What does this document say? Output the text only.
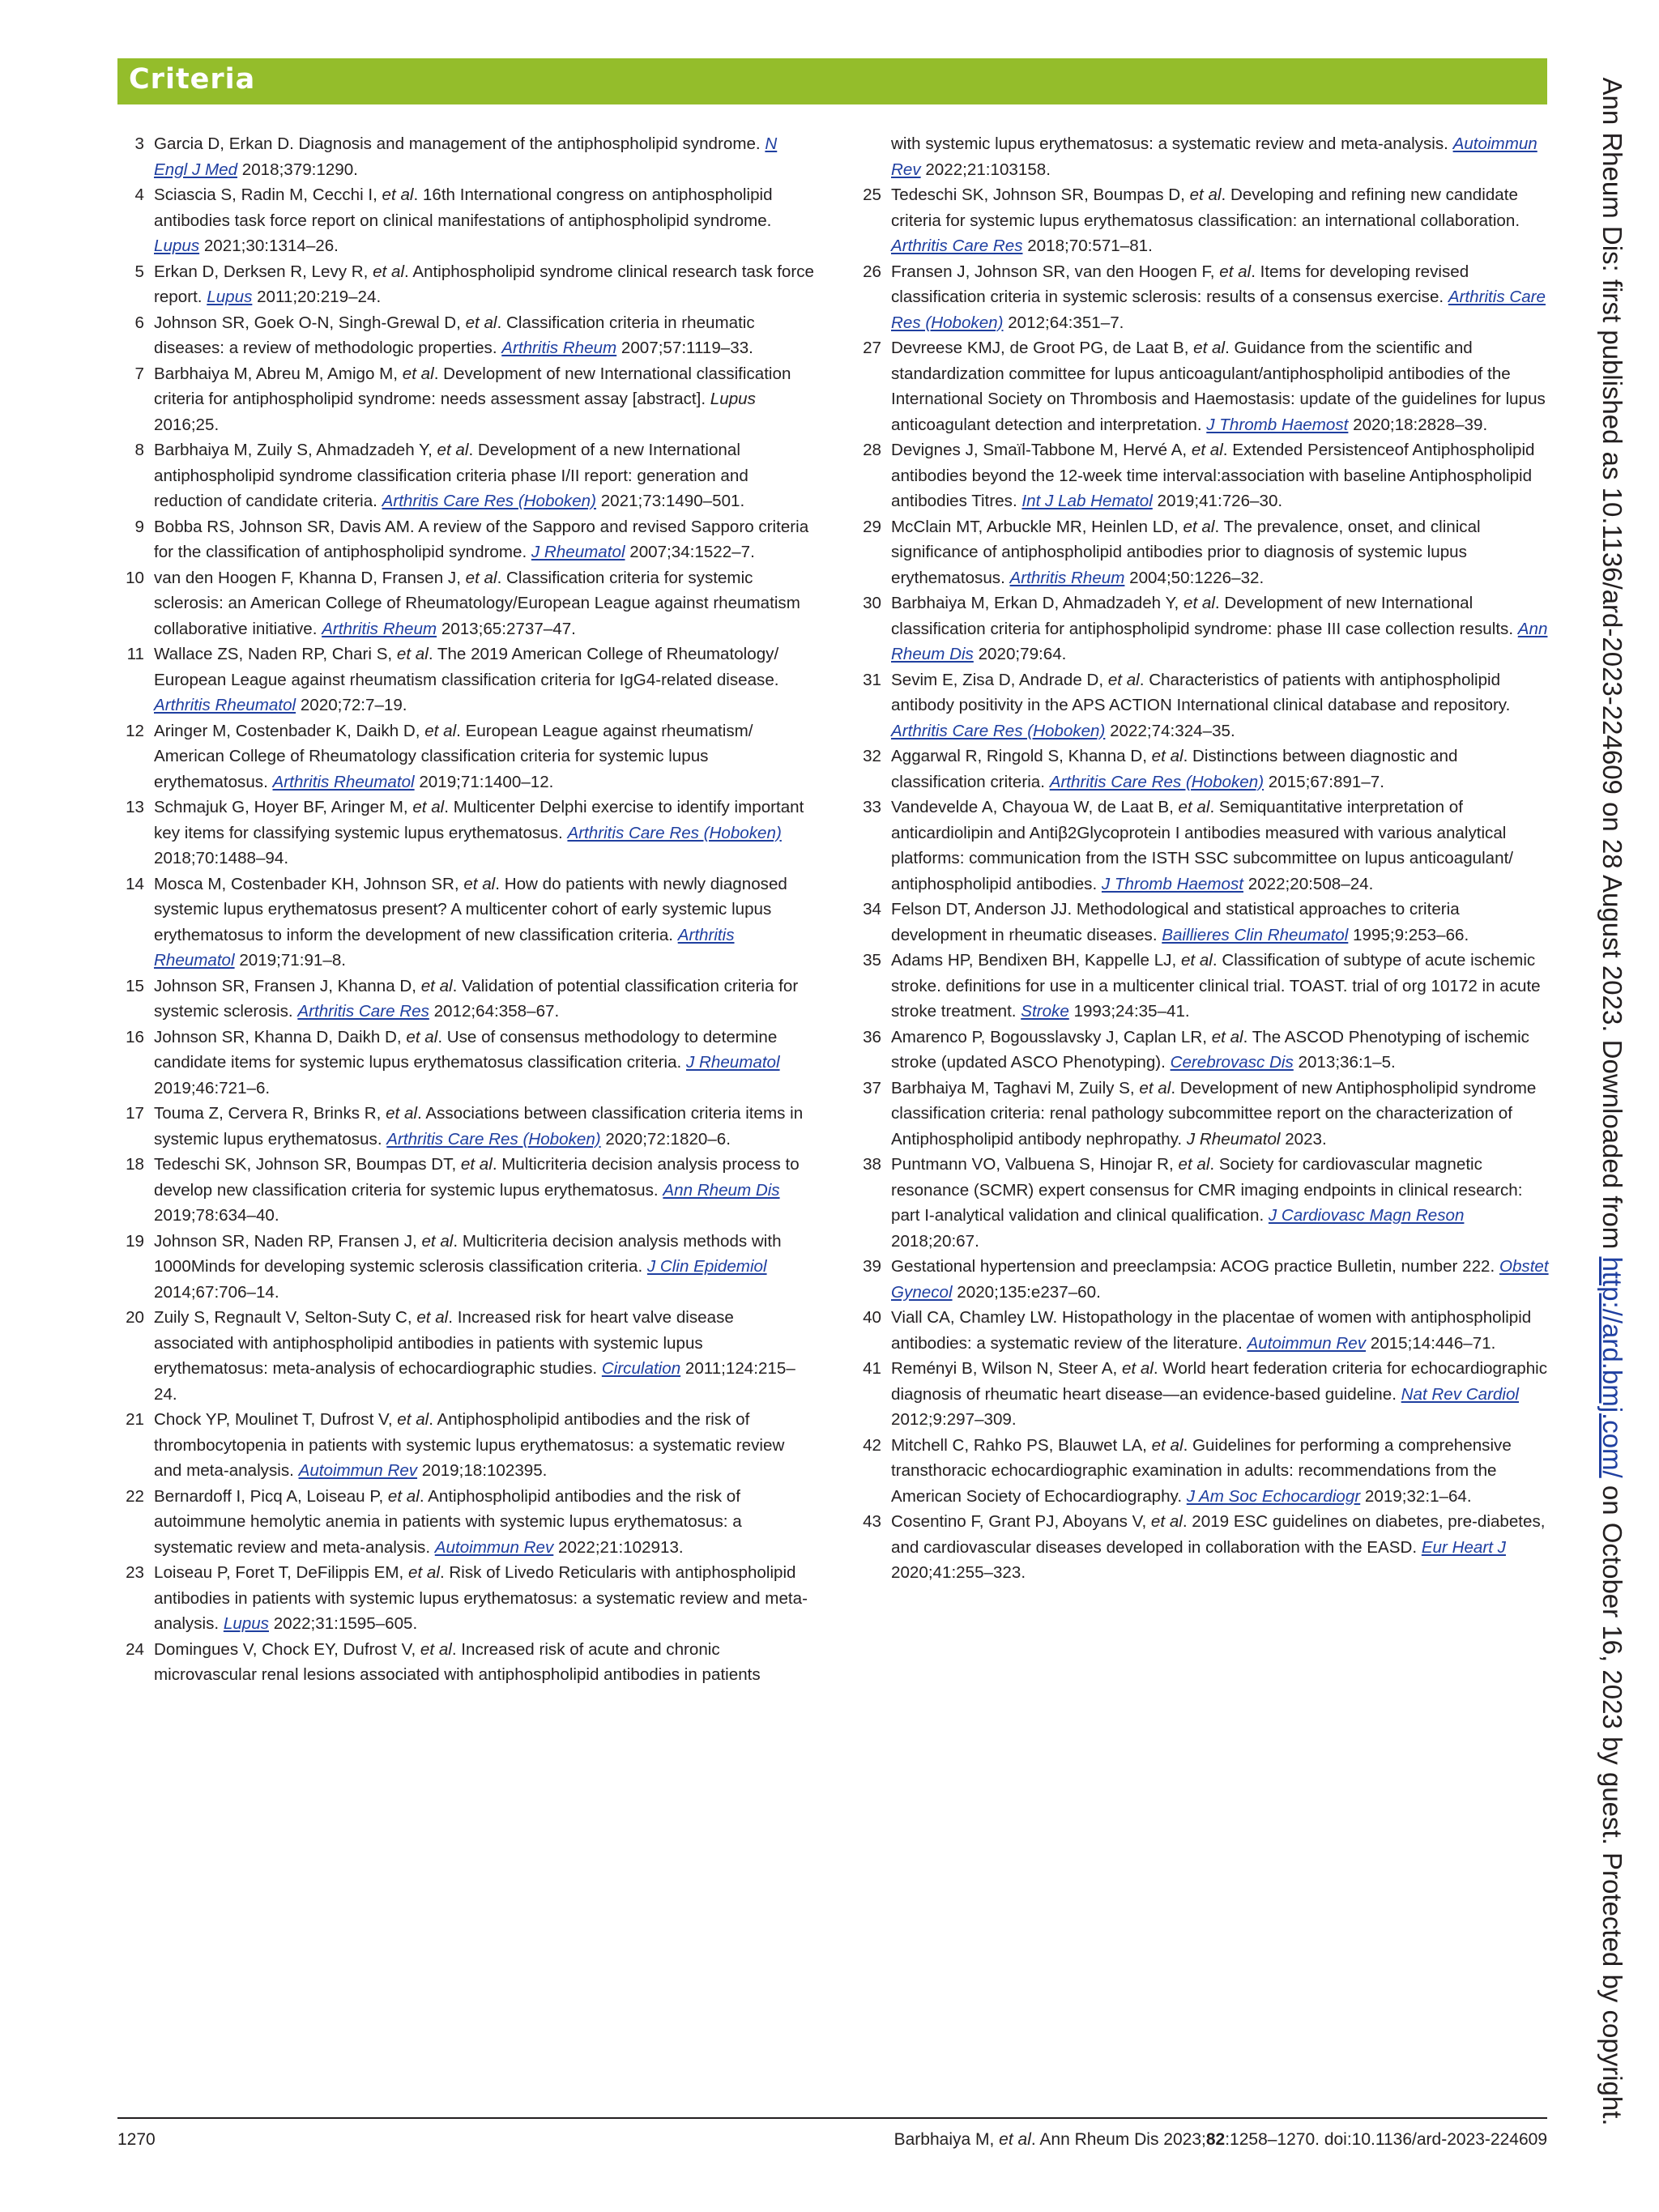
Criteria
3 Garcia D, Erkan D. Diagnosis and management of the antiphospholipid syndrome. N Engl J Med 2018;379:1290.
4 Sciascia S, Radin M, Cecchi I, et al. 16th International congress on antiphospholipid antibodies task force report on clinical manifestations of antiphospholipid syndrome. Lupus 2021;30:1314–26.
5 Erkan D, Derksen R, Levy R, et al. Antiphospholipid syndrome clinical research task force report. Lupus 2011;20:219–24.
6 Johnson SR, Goek O-N, Singh-Grewal D, et al. Classification criteria in rheumatic diseases: a review of methodologic properties. Arthritis Rheum 2007;57:1119–33.
7 Barbhaiya M, Abreu M, Amigo M, et al. Development of new International classification criteria for antiphospholipid syndrome: needs assessment assay [abstract]. Lupus 2016;25.
8 Barbhaiya M, Zuily S, Ahmadzadeh Y, et al. Development of a new International antiphospholipid syndrome classification criteria phase I/II report: generation and reduction of candidate criteria. Arthritis Care Res (Hoboken) 2021;73:1490–501.
9 Bobba RS, Johnson SR, Davis AM. A review of the Sapporo and revised Sapporo criteria for the classification of antiphospholipid syndrome. J Rheumatol 2007;34:1522–7.
10 van den Hoogen F, Khanna D, Fransen J, et al. Classification criteria for systemic sclerosis: an American College of Rheumatology/European League against rheumatism collaborative initiative. Arthritis Rheum 2013;65:2737–47.
11 Wallace ZS, Naden RP, Chari S, et al. The 2019 American College of Rheumatology/ European League against rheumatism classification criteria for IgG4-related disease. Arthritis Rheumatol 2020;72:7–19.
12 Aringer M, Costenbader K, Daikh D, et al. European League against rheumatism/ American College of Rheumatology classification criteria for systemic lupus erythematosus. Arthritis Rheumatol 2019;71:1400–12.
13 Schmajuk G, Hoyer BF, Aringer M, et al. Multicenter Delphi exercise to identify important key items for classifying systemic lupus erythematosus. Arthritis Care Res (Hoboken) 2018;70:1488–94.
14 Mosca M, Costenbader KH, Johnson SR, et al. How do patients with newly diagnosed systemic lupus erythematosus present? A multicenter cohort of early systemic lupus erythematosus to inform the development of new classification criteria. Arthritis Rheumatol 2019;71:91–8.
15 Johnson SR, Fransen J, Khanna D, et al. Validation of potential classification criteria for systemic sclerosis. Arthritis Care Res 2012;64:358–67.
16 Johnson SR, Khanna D, Daikh D, et al. Use of consensus methodology to determine candidate items for systemic lupus erythematosus classification criteria. J Rheumatol 2019;46:721–6.
17 Touma Z, Cervera R, Brinks R, et al. Associations between classification criteria items in systemic lupus erythematosus. Arthritis Care Res (Hoboken) 2020;72:1820–6.
18 Tedeschi SK, Johnson SR, Boumpas DT, et al. Multicriteria decision analysis process to develop new classification criteria for systemic lupus erythematosus. Ann Rheum Dis 2019;78:634–40.
19 Johnson SR, Naden RP, Fransen J, et al. Multicriteria decision analysis methods with 1000Minds for developing systemic sclerosis classification criteria. J Clin Epidemiol 2014;67:706–14.
20 Zuily S, Regnault V, Selton-Suty C, et al. Increased risk for heart valve disease associated with antiphospholipid antibodies in patients with systemic lupus erythematosus: meta-analysis of echocardiographic studies. Circulation 2011;124:215–24.
21 Chock YP, Moulinet T, Dufrost V, et al. Antiphospholipid antibodies and the risk of thrombocytopenia in patients with systemic lupus erythematosus: a systematic review and meta-analysis. Autoimmun Rev 2019;18:102395.
22 Bernardoff I, Picq A, Loiseau P, et al. Antiphospholipid antibodies and the risk of autoimmune hemolytic anemia in patients with systemic lupus erythematosus: a systematic review and meta-analysis. Autoimmun Rev 2022;21:102913.
23 Loiseau P, Foret T, DeFilippis EM, et al. Risk of Livedo Reticularis with antiphospholipid antibodies in patients with systemic lupus erythematosus: a systematic review and meta-analysis. Lupus 2022;31:1595–605.
24 Domingues V, Chock EY, Dufrost V, et al. Increased risk of acute and chronic microvascular renal lesions associated with antiphospholipid antibodies in patients
with systemic lupus erythematosus: a systematic review and meta-analysis. Autoimmun Rev 2022;21:103158.
25 Tedeschi SK, Johnson SR, Boumpas D, et al. Developing and refining new candidate criteria for systemic lupus erythematosus classification: an international collaboration. Arthritis Care Res 2018;70:571–81.
26 Fransen J, Johnson SR, van den Hoogen F, et al. Items for developing revised classification criteria in systemic sclerosis: results of a consensus exercise. Arthritis Care Res (Hoboken) 2012;64:351–7.
27 Devreese KMJ, de Groot PG, de Laat B, et al. Guidance from the scientific and standardization committee for lupus anticoagulant/antiphospholipid antibodies of the International Society on Thrombosis and Haemostasis: update of the guidelines for lupus anticoagulant detection and interpretation. J Thromb Haemost 2020;18:2828–39.
28 Devignes J, Smaïl-Tabbone M, Hervé A, et al. Extended Persistenceof Antiphospholipid antibodies beyond the 12-week time interval:association with baseline Antiphospholipid antibodies Titres. Int J Lab Hematol 2019;41:726–30.
29 McClain MT, Arbuckle MR, Heinlen LD, et al. The prevalence, onset, and clinical significance of antiphospholipid antibodies prior to diagnosis of systemic lupus erythematosus. Arthritis Rheum 2004;50:1226–32.
30 Barbhaiya M, Erkan D, Ahmadzadeh Y, et al. Development of new International classification criteria for antiphospholipid syndrome: phase III case collection results. Ann Rheum Dis 2020;79:64.
31 Sevim E, Zisa D, Andrade D, et al. Characteristics of patients with antiphospholipid antibody positivity in the APS ACTION International clinical database and repository. Arthritis Care Res (Hoboken) 2022;74:324–35.
32 Aggarwal R, Ringold S, Khanna D, et al. Distinctions between diagnostic and classification criteria. Arthritis Care Res (Hoboken) 2015;67:891–7.
33 Vandevelde A, Chayoua W, de Laat B, et al. Semiquantitative interpretation of anticardiolipin and Antiβ2Glycoprotein I antibodies measured with various analytical platforms: communication from the ISTH SSC subcommittee on lupus anticoagulant/ antiphospholipid antibodies. J Thromb Haemost 2022;20:508–24.
34 Felson DT, Anderson JJ. Methodological and statistical approaches to criteria development in rheumatic diseases. Baillieres Clin Rheumatol 1995;9:253–66.
35 Adams HP, Bendixen BH, Kappelle LJ, et al. Classification of subtype of acute ischemic stroke. definitions for use in a multicenter clinical trial. TOAST. trial of org 10172 in acute stroke treatment. Stroke 1993;24:35–41.
36 Amarenco P, Bogousslavsky J, Caplan LR, et al. The ASCOD Phenotyping of ischemic stroke (updated ASCO Phenotyping). Cerebrovasc Dis 2013;36:1–5.
37 Barbhaiya M, Taghavi M, Zuily S, et al. Development of new Antiphospholipid syndrome classification criteria: renal pathology subcommittee report on the characterization of Antiphospholipid antibody nephropathy. J Rheumatol 2023.
38 Puntmann VO, Valbuena S, Hinojar R, et al. Society for cardiovascular magnetic resonance (SCMR) expert consensus for CMR imaging endpoints in clinical research: part I-analytical validation and clinical qualification. J Cardiovasc Magn Reson 2018;20:67.
39 Gestational hypertension and preeclampsia: ACOG practice Bulletin, number 222. Obstet Gynecol 2020;135:e237–60.
40 Viall CA, Chamley LW. Histopathology in the placentae of women with antiphospholipid antibodies: a systematic review of the literature. Autoimmun Rev 2015;14:446–71.
41 Reményi B, Wilson N, Steer A, et al. World heart federation criteria for echocardiographic diagnosis of rheumatic heart disease—an evidence-based guideline. Nat Rev Cardiol 2012;9:297–309.
42 Mitchell C, Rahko PS, Blauwet LA, et al. Guidelines for performing a comprehensive transthoracic echocardiographic examination in adults: recommendations from the American Society of Echocardiography. J Am Soc Echocardiogr 2019;32:1–64.
43 Cosentino F, Grant PJ, Aboyans V, et al. 2019 ESC guidelines on diabetes, pre-diabetes, and cardiovascular diseases developed in collaboration with the EASD. Eur Heart J 2020;41:255–323.
Ann Rheum Dis: first published as 10.1136/ard-2023-224609 on 28 August 2023. Downloaded from http://ard.bmj.com/ on October 16, 2023 by guest. Protected by copyright.
1270	Barbhaiya M, et al. Ann Rheum Dis 2023;82:1258–1270. doi:10.1136/ard-2023-224609
